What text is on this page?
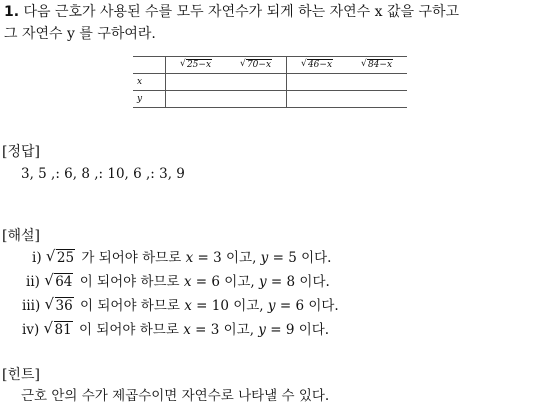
1. 다음 근호가 사용된 수를 모두 자연수가 되게 하는 자연수 x 값을 구하고
그 자연수 y 를 구하여라.

	√ 25−x	√ 70−x	√ 46−x	√ 84−x
x				
y				
[정답]
3, 5 ,: 6, 8 ,: 10, 6 ,: 3, 9
[해설]
ⅰ) √ 25 가 되어야 하므로 x = 3 이고, y = 5 이다.
ⅱ) √ 64 이 되어야 하므로 x = 6 이고, y = 8 이다.
ⅲ) √ 36 이 되어야 하므로 x = 10 이고, y = 6 이다.
ⅳ) √ 81 이 되어야 하므로 x = 3 이고, y = 9 이다.
[힌트]
근호 안의 수가 제곱수이면 자연수로 나타낼 수 있다.
